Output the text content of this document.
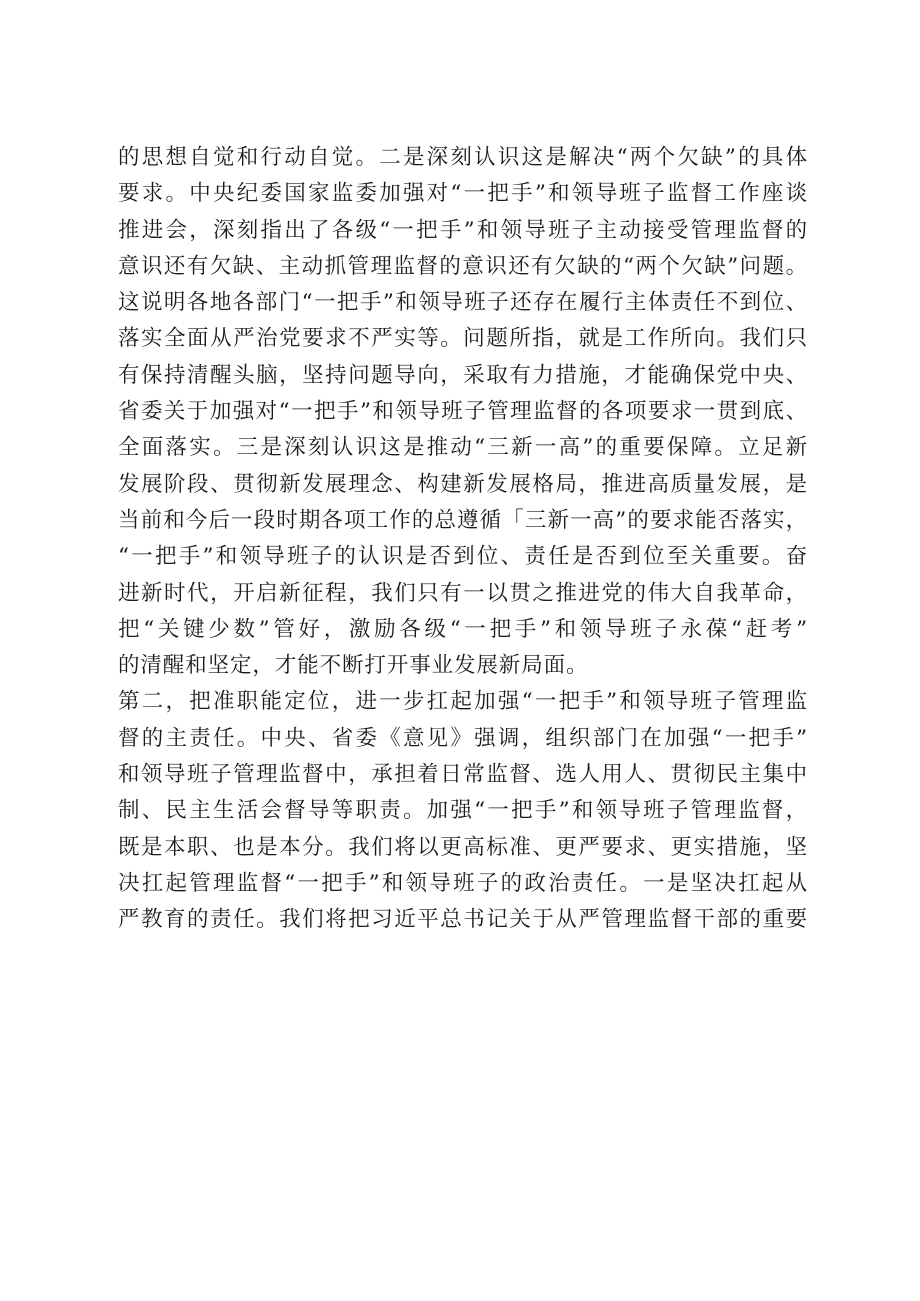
的思想自觉和行动自觉。二是深刻认识这是解决“两个欠缺”的具体
要求。中央纪委国家监委加强对“一把手”和领导班子监督工作座谈
推进会，深刻指出了各级“一把手”和领导班子主动接受管理监督的
意识还有欠缺、主动抓管理监督的意识还有欠缺的“两个欠缺”问题。
这说明各地各部门“一把手”和领导班子还存在履行主体责任不到位、
落实全面从严治党要求不严实等。问题所指，就是工作所向。我们只
有保持清醒头脑，坚持问题导向，采取有力措施，才能确保党中央、
省委关于加强对“一把手”和领导班子管理监督的各项要求一贯到底、
全面落实。三是深刻认识这是推动“三新一高”的重要保障。立足新
发展阶段、贯彻新发展理念、构建新发展格局，推进高质量发展，是
当前和今后一段时期各项工作的总遵循「三新一高”的要求能否落实，
“一把手”和领导班子的认识是否到位、责任是否到位至关重要。奋
进新时代，开启新征程，我们只有一以贯之推进党的伟大自我革命，
把“关键少数”管好，激励各级“一把手”和领导班子永葆“赶考”
的清醒和坚定，才能不断打开事业发展新局面。
第二，把准职能定位，进一步扛起加强“一把手”和领导班子管理监
督的主责任。中央、省委《意见》强调，组织部门在加强“一把手”
和领导班子管理监督中，承担着日常监督、选人用人、贯彻民主集中
制、民主生活会督导等职责。加强“一把手”和领导班子管理监督，
既是本职、也是本分。我们将以更高标准、更严要求、更实措施，坚
决扛起管理监督“一把手”和领导班子的政治责任。一是坚决扛起从
严教育的责任。我们将把习近平总书记关于从严管理监督干部的重要
